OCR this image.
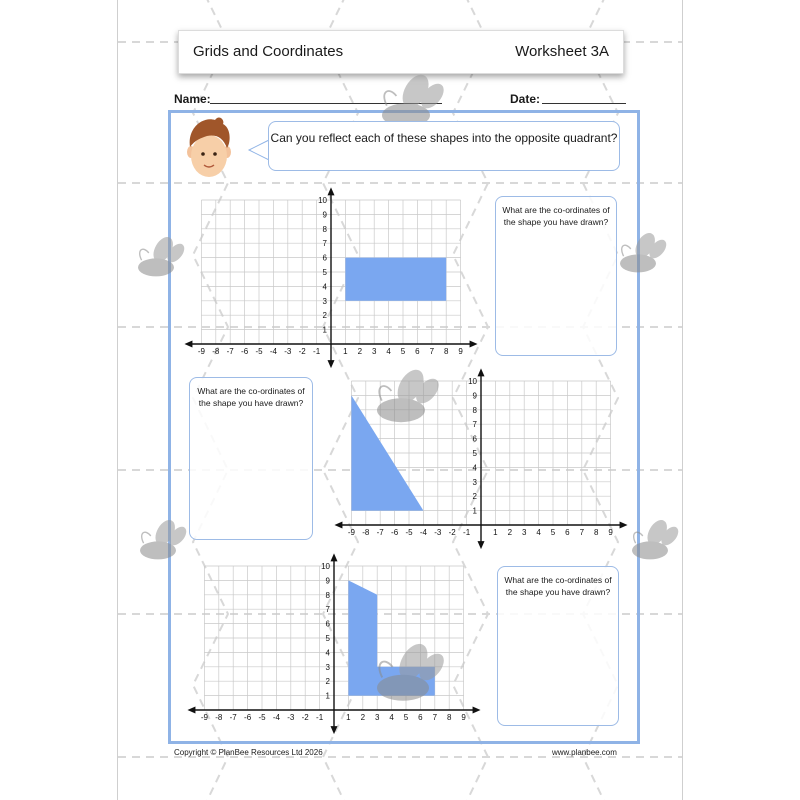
Grids and Coordinates	Worksheet 3A
Name:	Date:
-9 -8 -7 -6 -5 -4 -3 -2 -1	1 2 3 4 5 6 7 8 9
1
2
3
4
5
6
7
8
9
10
-9 -8 -7 -6 -5 -4 -3 -2 -1	1 2 3 4 5 6 7 8 9
1
2
3
4
5
6
7
8
9
10
-9 -8 -7 -6 -5 -4 -3 -2 -1	1 2 3 4 5 6 7 8 9
1
2
3
4
5
6
7
8
9
10
Can you reflect each of these shapes into the opposite quadrant?
What are the co-ordinates of the shape you have drawn?
What are the co-ordinates of the shape you have drawn?
What are the co-ordinates of the shape you have drawn?
Copyright © PlanBee Resources Ltd 2026	www.planbee.com
